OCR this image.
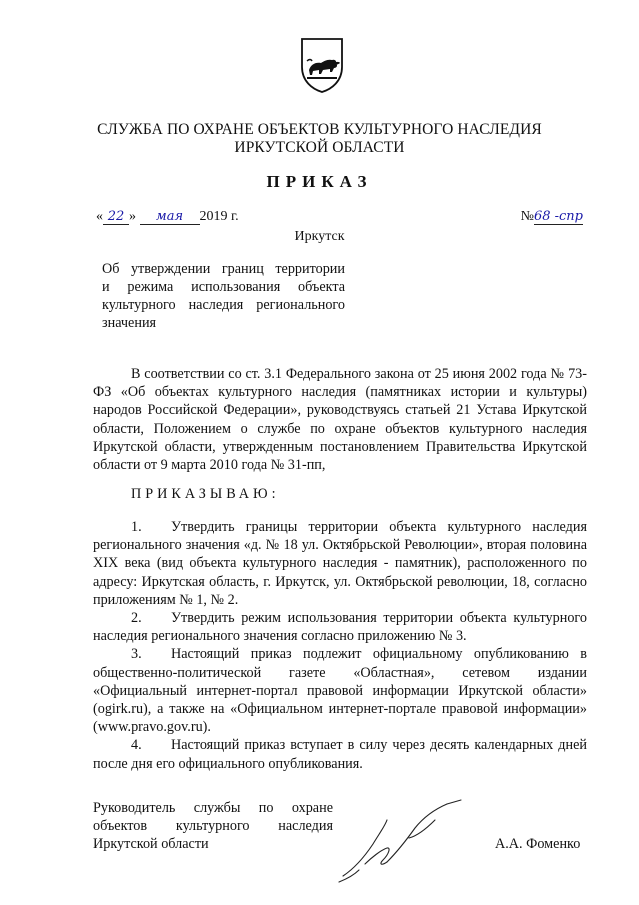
СЛУЖБА ПО ОХРАНЕ ОБЪЕКТОВ КУЛЬТУРНОГО НАСЛЕДИЯ
ИРКУТСКОЙ ОБЛАСТИ
ПРИКАЗ
« 22 » мая 2019 г.	№68 -спр
Иркутск
Об утверждении границ территории
и режима использования объекта
культурного наследия регионального
значения

В соответствии со ст. 3.1 Федерального закона от 25 июня 2002 года № 73-ФЗ «Об объектах культурного наследия (памятниках истории и культуры) народов Российской Федерации», руководствуясь статьей 21 Устава Иркутской области, Положением о службе по охране объектов культурного наследия Иркутской области, утвержденным постановлением Правительства Иркутской области от 9 марта 2010 года № 31-пп,

ПРИКАЗЫВАЮ:

1. Утвердить границы территории объекта культурного наследия регионального значения «д. № 18 ул. Октябрьской Революции», вторая половина XIX века (вид объекта культурного наследия - памятник), расположенного по адресу: Иркутская область, г. Иркутск, ул. Октябрьской революции, 18, согласно приложениям № 1, № 2.

2. Утвердить режим использования территории объекта культурного наследия регионального значения согласно приложению № 3.

3. Настоящий приказ подлежит официальному опубликованию в общественно-политической газете «Областная», сетевом издании «Официальный интернет-портал правовой информации Иркутской области» (ogirk.ru), а также на «Официальном интернет-портале правовой информации» (www.pravo.gov.ru).

4. Настоящий приказ вступает в силу через десять календарных дней после дня его официального опубликования.

Руководитель службы по охране
объектов культурного наследия
Иркутской области	А.А. Фоменко
